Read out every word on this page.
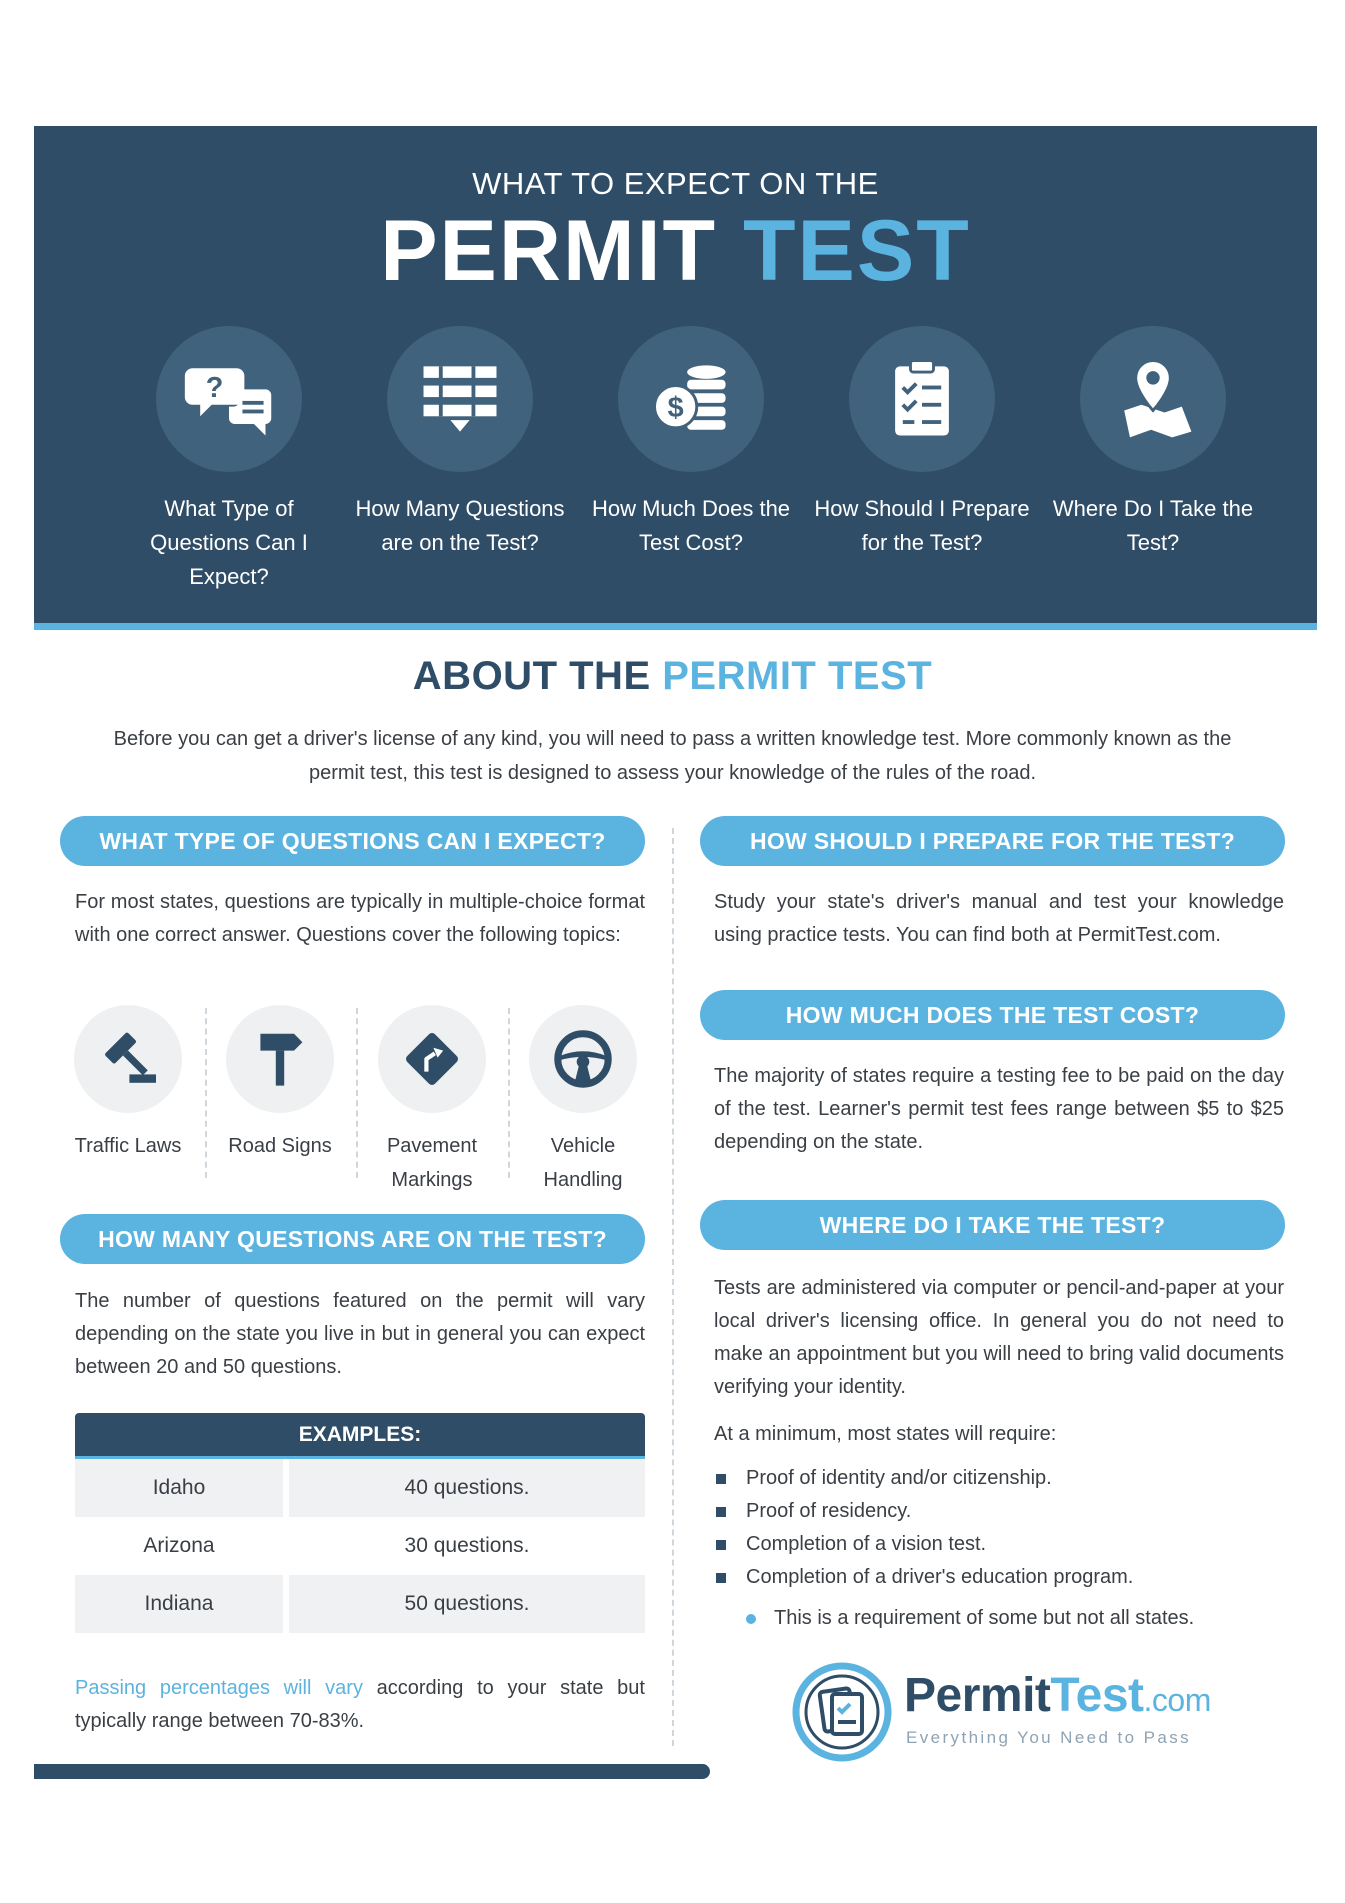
WHAT TO EXPECT ON THE
PERMIT TEST
?
What Type of Questions Can I Expect?
How Many Questions are on the Test?
$
How Much Does the Test Cost?
How Should I Prepare for the Test?
Where Do I Take the Test?
ABOUT THE PERMIT TEST
Before you can get a driver's license of any kind, you will need to pass a written knowledge test. More commonly known as the permit test, this test is designed to assess your knowledge of the rules of the road.
WHAT TYPE OF QUESTIONS CAN I EXPECT?
For most states, questions are typically in multiple-choice format with one correct answer. Questions cover the following topics:
Traffic Laws	Road Signs	Pavement Markings
Vehicle Handling
HOW MANY QUESTIONS ARE ON THE TEST?
The number of questions featured on the permit will vary depending on the state you live in but in general you can expect between 20 and 50 questions.
EXAMPLES:
Idaho	40 questions.
Arizona	30 questions.
Indiana	50 questions.
Passing percentages will vary according to your state but typically range between 70-83%.
HOW SHOULD I PREPARE FOR THE TEST?
Study your state's driver's manual and test your knowledge using practice tests. You can find both at PermitTest.com.
HOW MUCH DOES THE TEST COST?
The majority of states require a testing fee to be paid on the day of the test. Learner's permit test fees range between $5 to $25 depending on the state.
WHERE DO I TAKE THE TEST?
Tests are administered via computer or pencil-and-paper at your local driver's licensing office. In general you do not need to make an appointment but you will need to bring valid documents verifying your identity.
At a minimum, most states will require:
Proof of identity and/or citizenship.
Proof of residency.
Completion of a vision test.
Completion of a driver's education program.
This is a requirement of some but not all states.
PermitTest.com
Everything You Need to Pass
